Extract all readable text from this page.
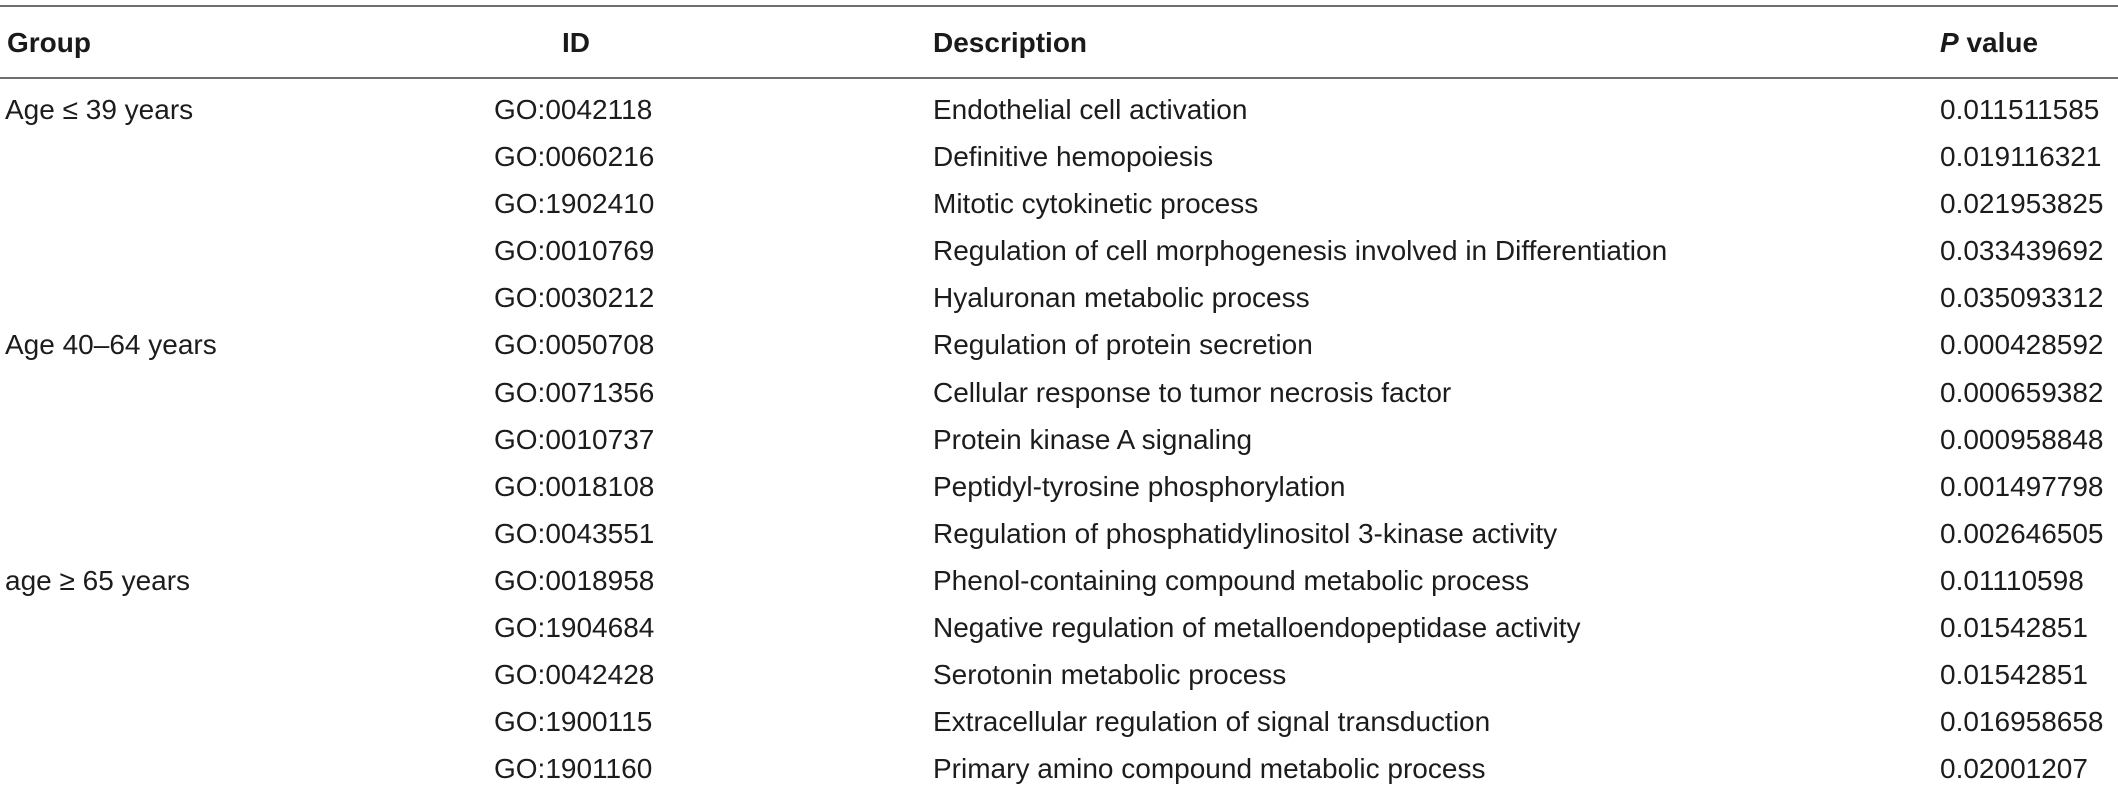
Group	ID	Description	P value
Age ≤ 39 years	GO:0042118	Endothelial cell activation	0.011511585
GO:0060216	Definitive hemopoiesis	0.019116321
GO:1902410	Mitotic cytokinetic process	0.021953825
GO:0010769	Regulation of cell morphogenesis involved in Differentiation	0.033439692
GO:0030212	Hyaluronan metabolic process	0.035093312
Age 40–64 years	GO:0050708	Regulation of protein secretion	0.000428592
GO:0071356	Cellular response to tumor necrosis factor	0.000659382
GO:0010737	Protein kinase A signaling	0.000958848
GO:0018108	Peptidyl-tyrosine phosphorylation	0.001497798
GO:0043551	Regulation of phosphatidylinositol 3-kinase activity	0.002646505
age ≥ 65 years	GO:0018958	Phenol-containing compound metabolic process	0.01110598
GO:1904684	Negative regulation of metalloendopeptidase activity	0.01542851
GO:0042428	Serotonin metabolic process	0.01542851
GO:1900115	Extracellular regulation of signal transduction	0.016958658
GO:1901160	Primary amino compound metabolic process	0.02001207
